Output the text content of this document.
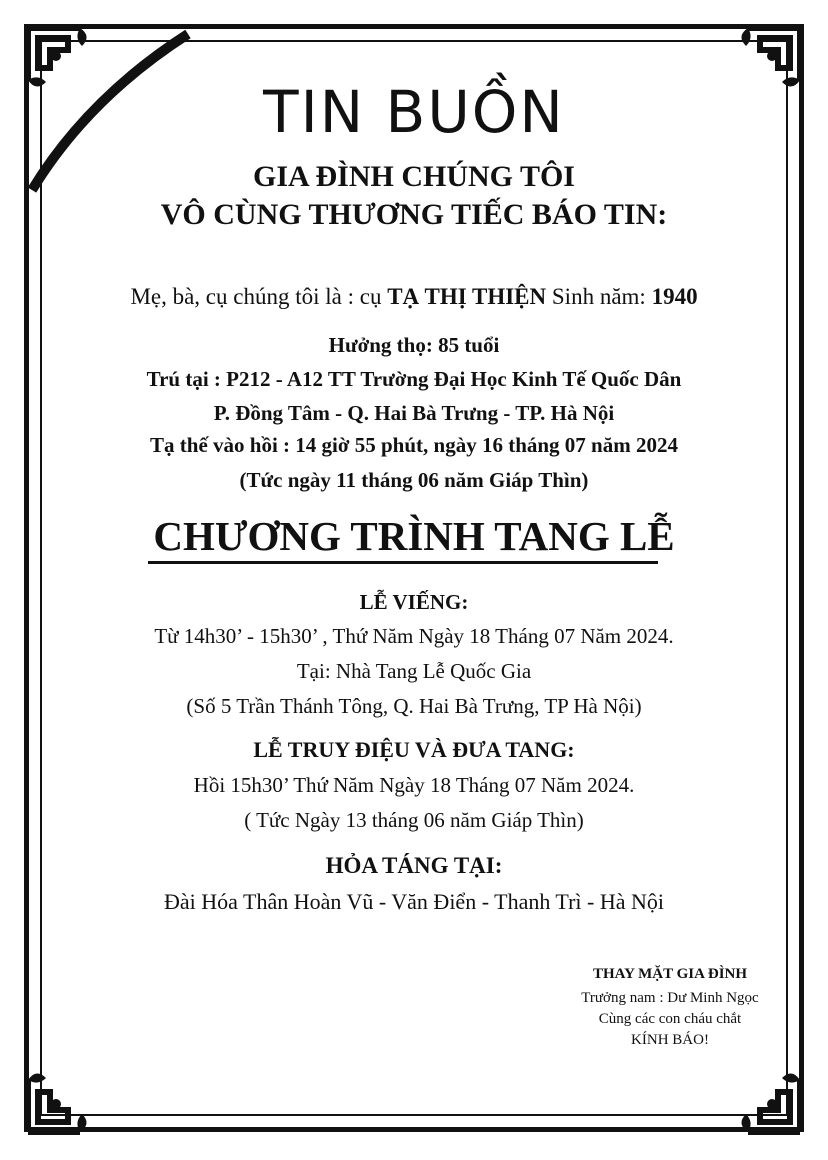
TIN BUỒN
GIA ĐÌNH CHÚNG TÔI
VÔ CÙNG THƯƠNG TIẾC BÁO TIN:
Mẹ, bà, cụ chúng tôi là : cụ TẠ THỊ THIỆN Sinh năm: 1940
Hưởng thọ: 85 tuổi
Trú tại : P212 - A12 TT Trường Đại Học Kinh Tế Quốc Dân
P. Đồng Tâm - Q. Hai Bà Trưng - TP. Hà Nội
Tạ thế vào hồi : 14 giờ 55 phút, ngày 16 tháng 07 năm 2024
(Tức ngày 11 tháng 06 năm Giáp Thìn)
CHƯƠNG TRÌNH TANG LỄ
LỄ VIẾNG:
Từ 14h30’ - 15h30’ , Thứ Năm Ngày 18 Tháng 07 Năm 2024.
Tại: Nhà Tang Lễ Quốc Gia
(Số 5 Trần Thánh Tông, Q. Hai Bà Trưng, TP Hà Nội)
LỄ TRUY ĐIỆU VÀ ĐƯA TANG:
Hồi 15h30’ Thứ Năm Ngày 18 Tháng 07 Năm 2024.
( Tức Ngày 13 tháng 06 năm Giáp Thìn)
HỎA TÁNG TẠI:
Đài Hóa Thân Hoàn Vũ - Văn Điển - Thanh Trì - Hà Nội
THAY MẶT GIA ĐÌNH
Trưởng nam : Dư Minh Ngọc
Cùng các con cháu chắt
KÍNH BÁO!
